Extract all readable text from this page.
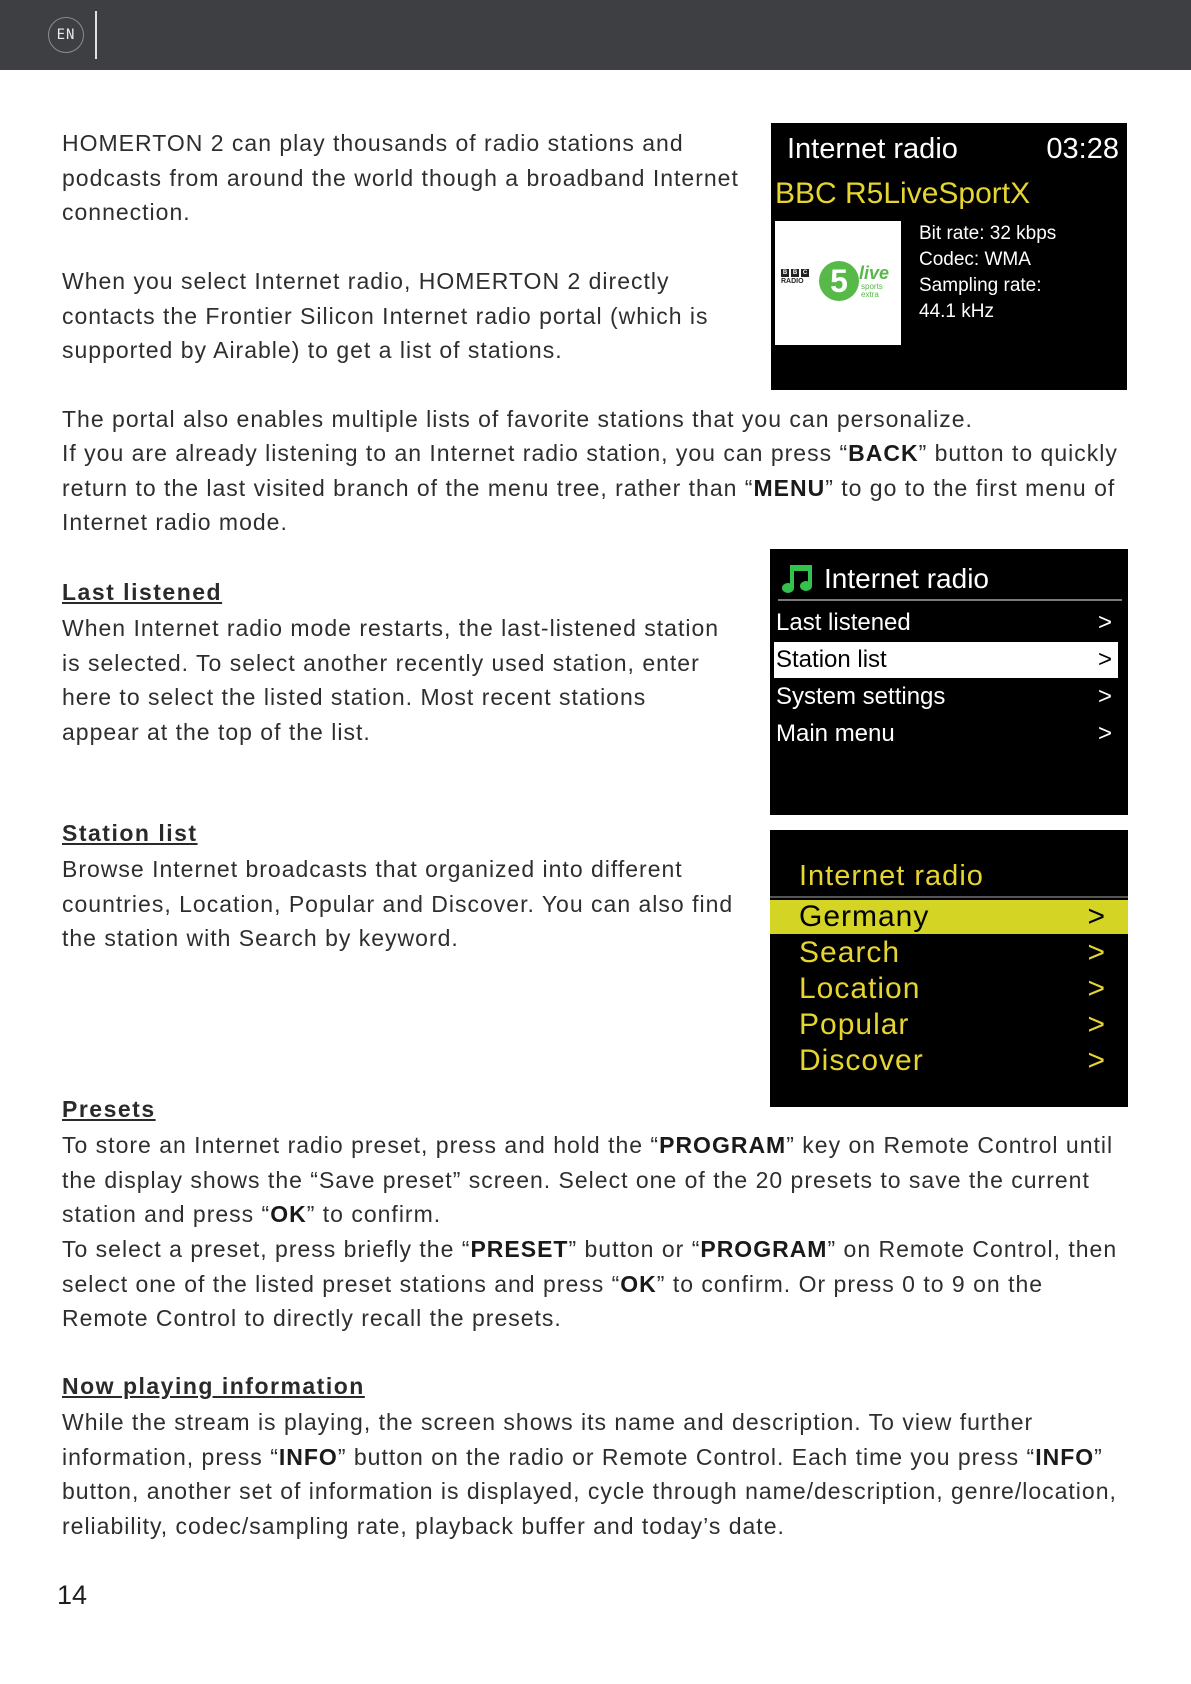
EN

HOMERTON 2 can play thousands of radio stations and podcasts from around the world though a broadband Internet connection.

When you select Internet radio, HOMERTON 2 directly contacts the Frontier Silicon Internet radio portal (which is supported by Airable) to get a list of stations.

The portal also enables multiple lists of favorite stations that you can personalize.

If you are already listening to an Internet radio station, you can press “BACK” button to quickly return to the last visited branch of the menu tree, rather than “MENU” to go to the first menu of Internet radio mode.

Internet radio	03:28
BBC R5LiveSportX
B B C
RADIO 5 live
sports
extra
Bit rate: 32 kbps
Codec: WMA
Sampling rate:
44.1 kHz
Last listened

When Internet radio mode restarts, the last-listened station is selected. To select another recently used station, enter here to select the listed station. Most recent stations appear at the top of the list.

Internet radio
Last listened	>
Station list	>
System settings	>
Main menu	>
Station list

Browse Internet broadcasts that organized into different countries, Location, Popular and Discover. You can also find the station with Search by keyword.

Internet radio
Germany	>
Search	>
Location	>
Popular	>
Discover	>
Presets

To store an Internet radio preset, press and hold the “PROGRAM” key on Remote Control until the display shows the “Save preset” screen. Select one of the 20 presets to save the current station and press “OK” to confirm.

To select a preset, press briefly the “PRESET” button or “PROGRAM” on Remote Control, then select one of the listed preset stations and press “OK” to confirm. Or press 0 to 9 on the Remote Control to directly recall the presets.

Now playing information

While the stream is playing, the screen shows its name and description. To view further information, press “INFO” button on the radio or Remote Control. Each time you press “INFO” button, another set of information is displayed, cycle through name/description, genre/location, reliability, codec/sampling rate, playback buffer and today’s date.

14
